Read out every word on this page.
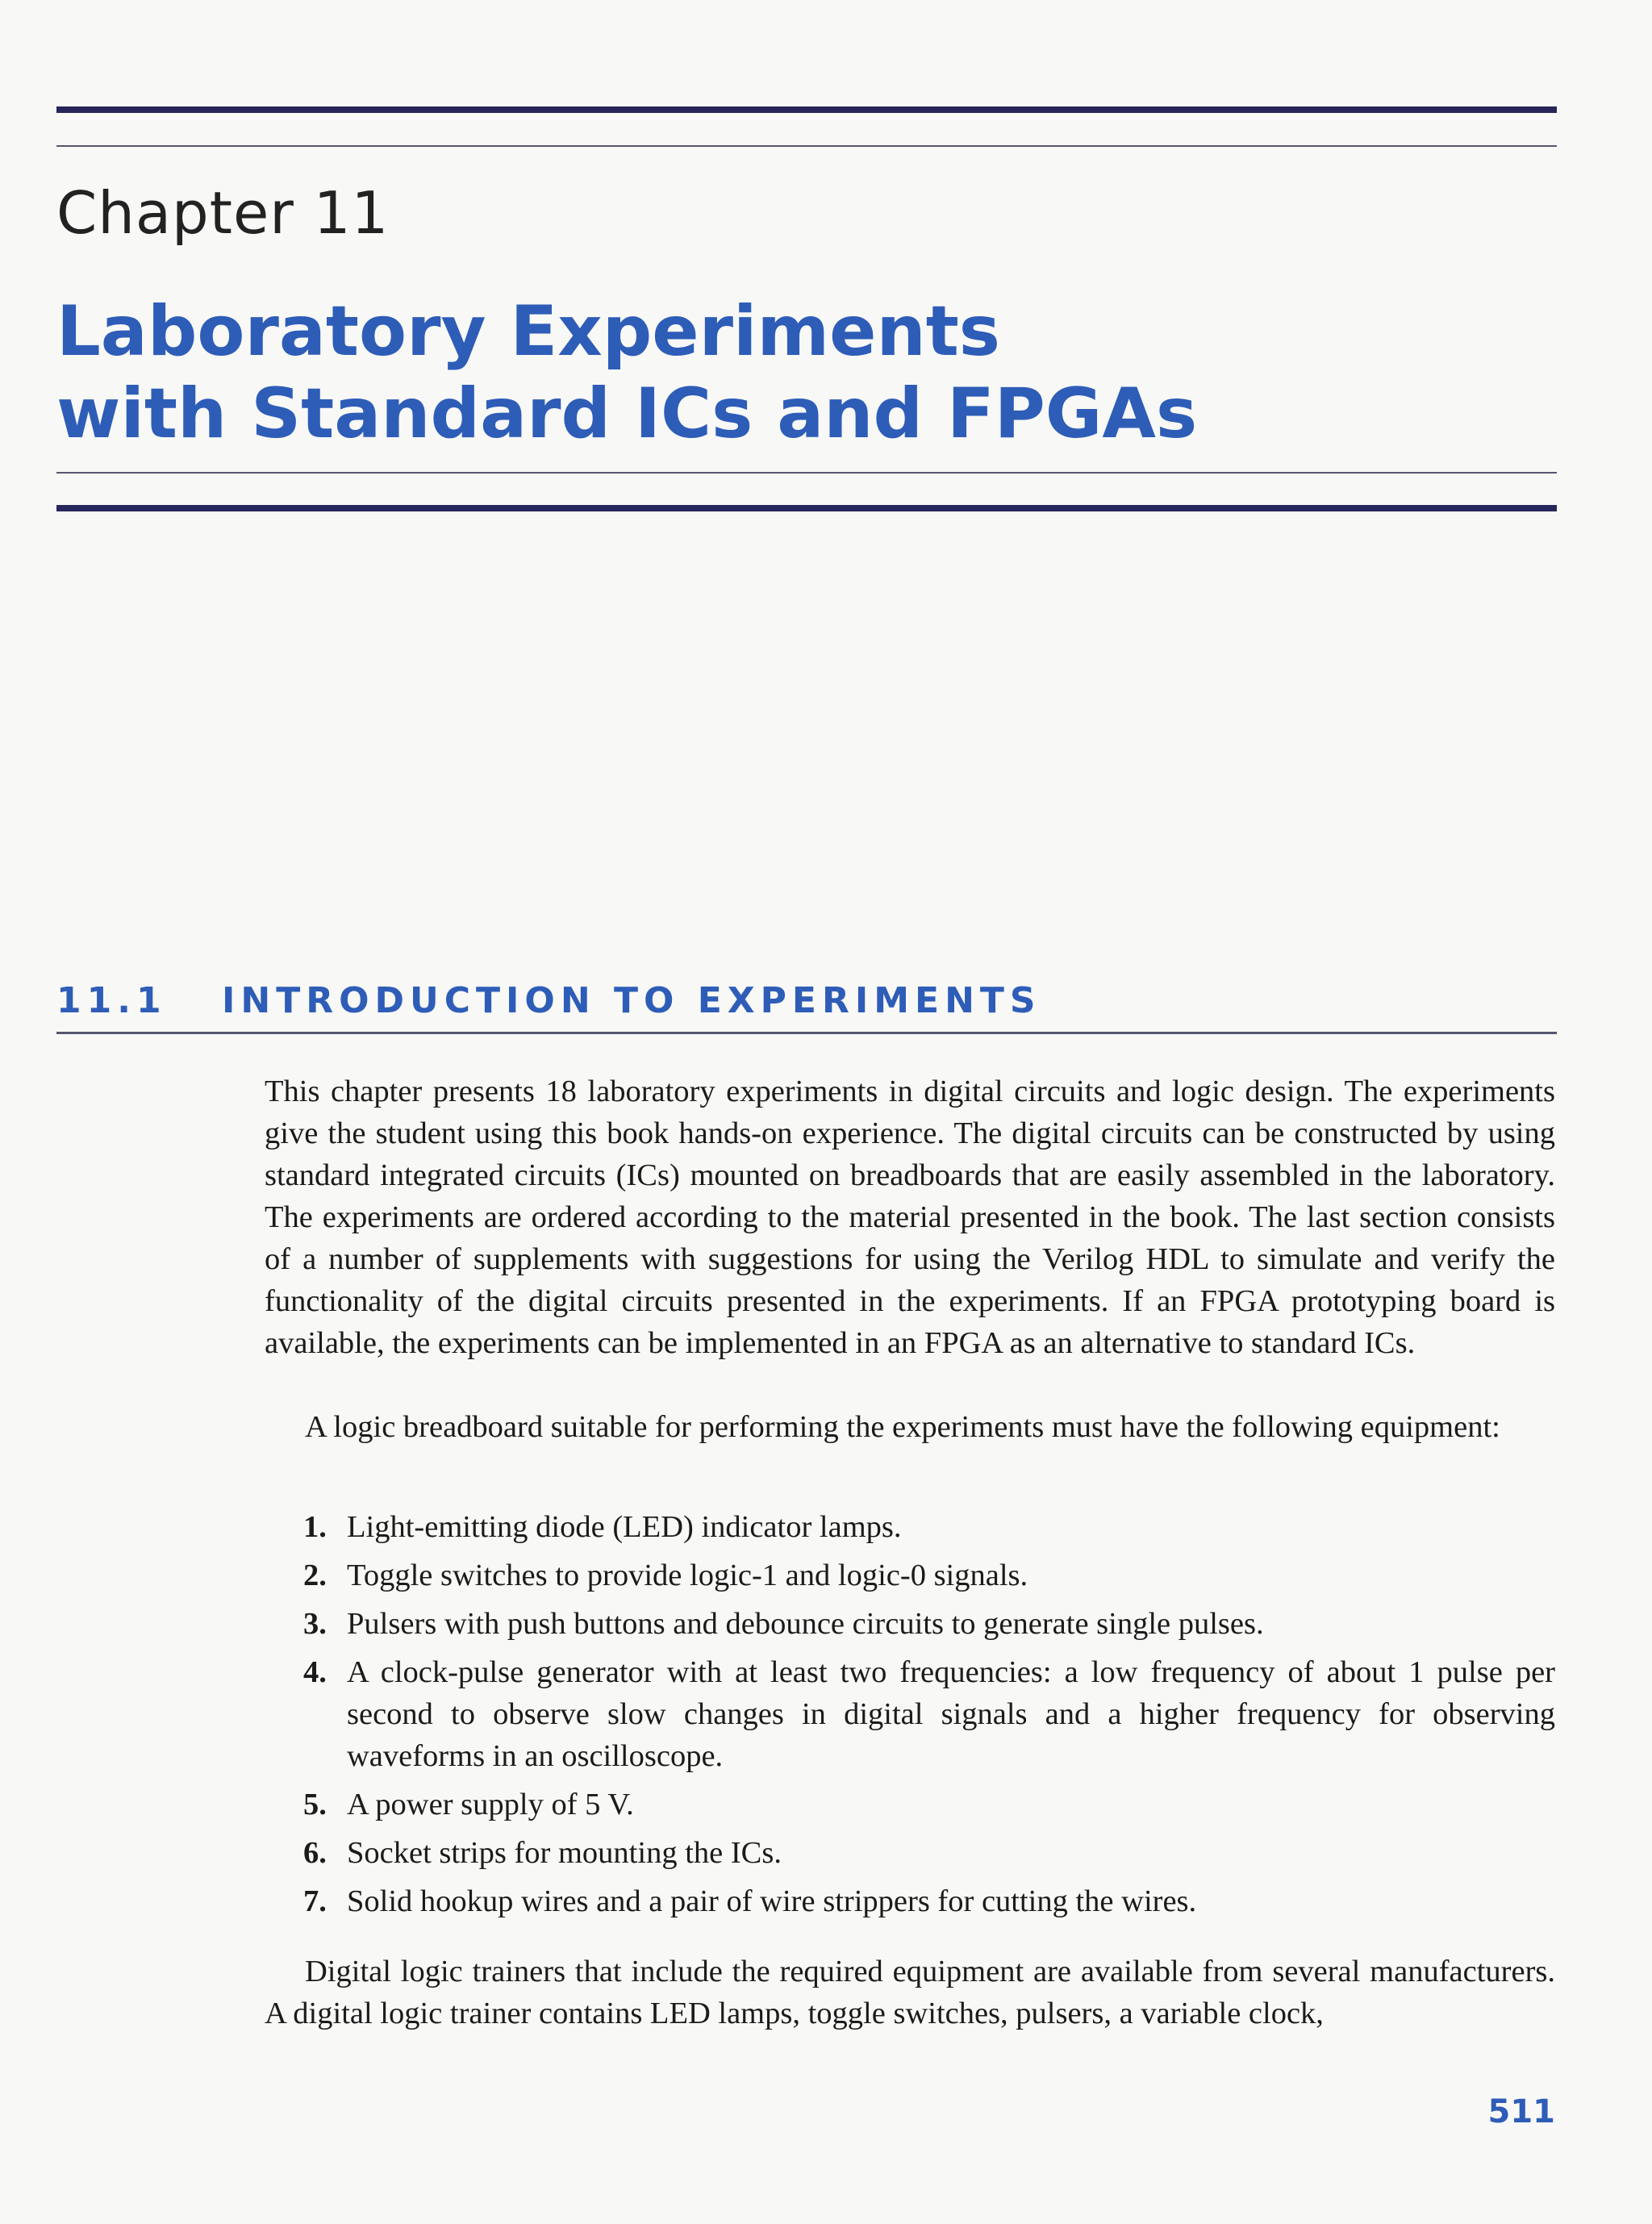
Chapter 11
Laboratory Experiments
with Standard ICs and FPGAs
11.1 INTRODUCTION TO EXPERIMENTS

This chapter presents 18 laboratory experiments in digital circuits and logic design. The experiments give the student using this book hands-on experience. The digital circuits can be constructed by using standard integrated circuits (ICs) mounted on breadboards that are easily assembled in the laboratory. The experiments are ordered according to the material presented in the book. The last section consists of a number of supplements with suggestions for using the Verilog HDL to simulate and verify the functionality of the digital circuits presented in the experiments. If an FPGA prototyping board is available, the experiments can be implemented in an FPGA as an alternative to standard ICs.

A logic breadboard suitable for performing the experiments must have the following equipment:

1. Light-emitting diode (LED) indicator lamps.
2. Toggle switches to provide logic-1 and logic-0 signals.
3. Pulsers with push buttons and debounce circuits to generate single pulses.
4. A clock-pulse generator with at least two frequencies: a low frequency of about 1 pulse per second to observe slow changes in digital signals and a higher frequency for observing waveforms in an oscilloscope.
5. A power supply of 5 V.
6. Socket strips for mounting the ICs.
7. Solid hookup wires and a pair of wire strippers for cutting the wires.

Digital logic trainers that include the required equipment are available from several manufacturers. A digital logic trainer contains LED lamps, toggle switches, pulsers, a variable clock,

511
